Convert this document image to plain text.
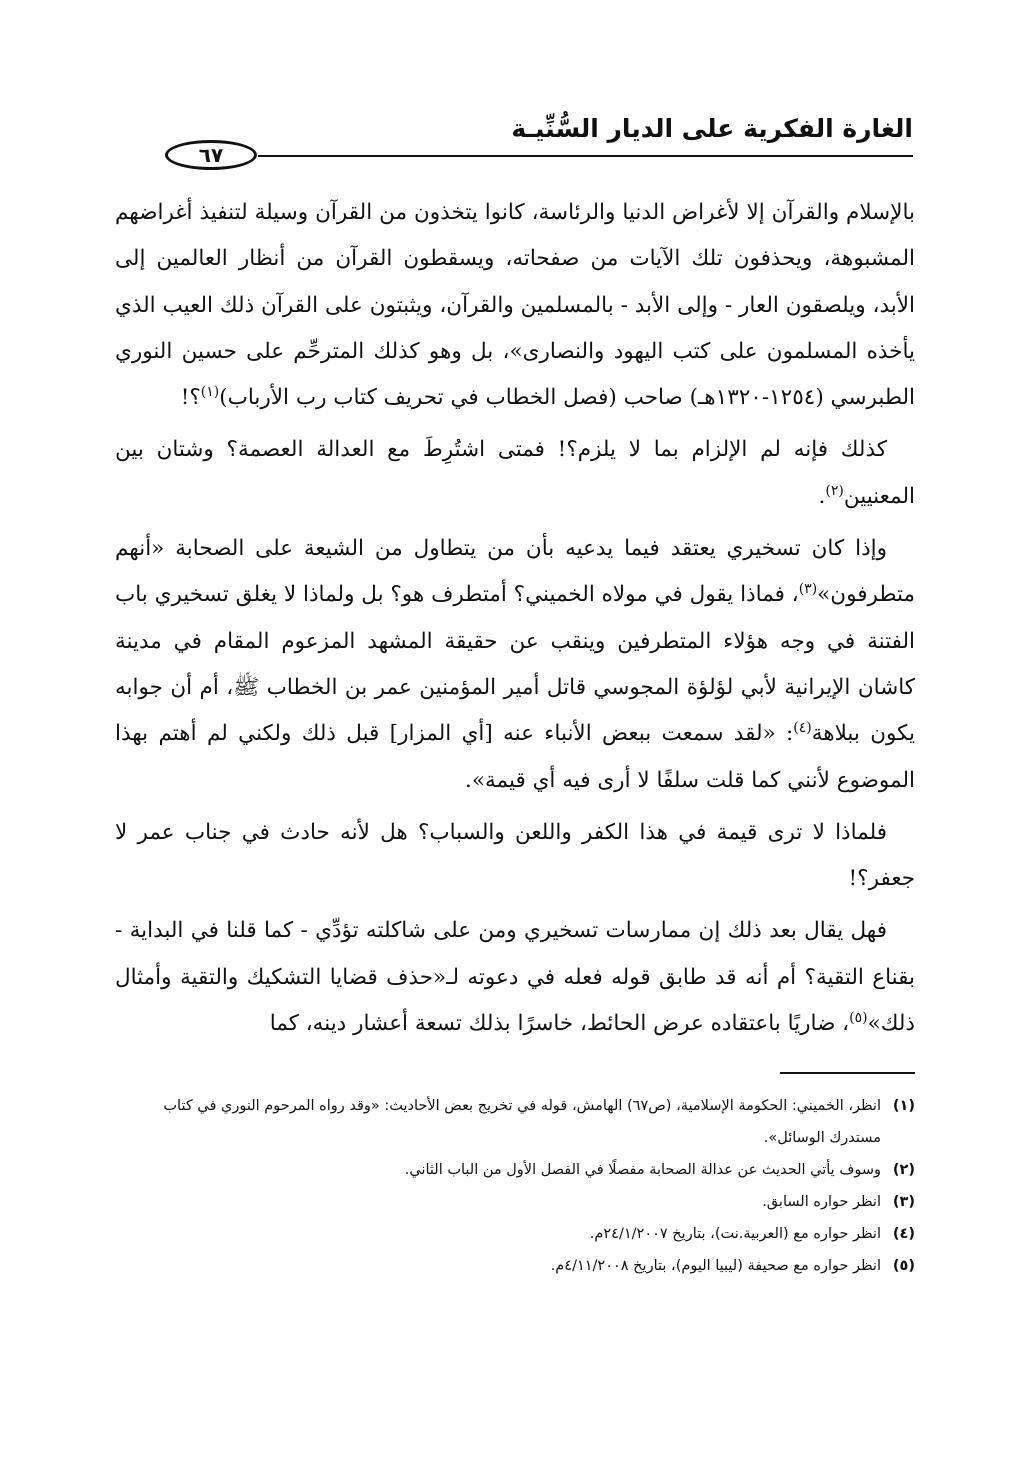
الغارة الفكرية على الديار السُّنِّيـة
٦٧

بالإسلام والقرآن إلا لأغراض الدنيا والرئاسة، كانوا يتخذون من القرآن وسيلة لتنفيذ أغراضهم المشبوهة، ويحذفون تلك الآيات من صفحاته، ويسقطون القرآن من أنظار العالمين إلى الأبد، ويلصقون العار - وإلى الأبد - بالمسلمين والقرآن، ويثبتون على القرآن ذلك العيب الذي يأخذه المسلمون على كتب اليهود والنصارى»، بل وهو كذلك المترحِّم على حسين النوري الطبرسي (١٢٥٤-١٣٢٠هـ) صاحب (فصل الخطاب في تحريف كتاب رب الأرباب)$^{(١)}$؟!

كذلك فإنه لم الإلزام بما لا يلزم؟! فمتى اشتُرِطَ مع العدالة العصمة؟ وشتان بين المعنيين$^{(٢)}$.

وإذا كان تسخيري يعتقد فيما يدعيه بأن من يتطاول من الشيعة على الصحابة «أنهم متطرفون»$^{(٣)}$، فماذا يقول في مولاه الخميني؟ أمتطرف هو؟ بل ولماذا لا يغلق تسخيري باب الفتنة في وجه هؤلاء المتطرفين وينقب عن حقيقة المشهد المزعوم المقام في مدينة كاشان الإيرانية لأبي لؤلؤة المجوسي قاتل أمير المؤمنين عمر بن الخطاب ﷺ، أم أن جوابه يكون ببلاهة$^{(٤)}$: «لقد سمعت ببعض الأنباء عنه [أي المزار] قبل ذلك ولكني لم أهتم بهذا الموضوع لأنني كما قلت سلفًا لا أرى فيه أي قيمة».

فلماذا لا ترى قيمة في هذا الكفر واللعن والسباب؟ هل لأنه حادث في جناب عمر لا جعفر؟!

فهل يقال بعد ذلك إن ممارسات تسخيري ومن على شاكلته تؤدِّي - كما قلنا في البداية - بقناع التقية؟ أم أنه قد طابق قوله فعله في دعوته لـ«حذف قضايا التشكيك والتقية وأمثال ذلك»$^{(٥)}$، ضاريًا باعتقاده عرض الحائط، خاسرًا بذلك تسعة أعشار دينه، كما

(١)
انظر، الخميني: الحكومة الإسلامية، (ص٦٧) الهامش، قوله في تخريج بعض الأحاديث: «وقد رواه المرحوم النوري في كتاب مستدرك الوسائل».
(٢)
وسوف يأتي الحديث عن عدالة الصحابة مفصلًا في الفصل الأول من الباب الثاني.
(٣)
انظر حواره السابق.
(٤)
انظر حواره مع (العربية.نت)، بتاريخ ٢٤/١/٢٠٠٧م.
(٥)
انظر حواره مع صحيفة (ليبيا اليوم)، بتاريخ ٤/١١/٢٠٠٨م.
